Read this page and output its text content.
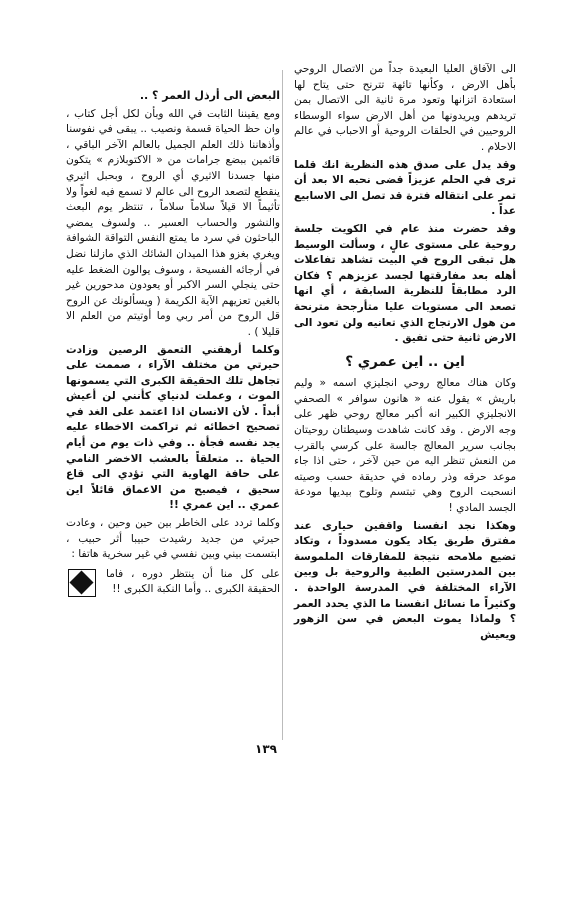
الى الآفاق العليا البعيدة جداً من الاتصال الروحي بأهل الارض ، وكأنها تائهة تترنح حتى يتاح لها استعادة اتزانها وتعود مرة ثانية الى الاتصال بمن تريدهم ويريدونها من أهل الارض سواء الوسطاء الروحيين في الحلقات الروحية أو الاحباب في عالم الاحلام .

وقد يدل على صدق هذه النظرية انك قلما ترى في الحلم عزيزاً قضى نحبه الا بعد أن تمر على انتقاله فترة قد تصل الى الاسابيع عداً .

وقد حضرت منذ عام في الكويت جلسة روحية على مستوى عالٍ ، وسألت الوسيط هل تبقى الروح في البيت تشاهد تفاعلات أهله بعد مفارقتها لجسد عزيزهم ؟ فكان الرد مطابقاً للنظرية السابقة ، أي انها تصعد الى مستويات عليا متأرجحة مترنحة من هول الارتجاج الذي تعانيه ولن تعود الى الارض ثانية حتى تفيق .

اين .. اين عمري ؟

وكان هناك معالج روحي انجليزي اسمه « وليم باريش » يقول عنه « هانون سوافر » الصحفي الانجليزي الكبير انه أكبر معالج روحي ظهر على وجه الارض . وقد كانت شاهدت وسيطتان روحيتان بجانب سرير المعالج جالسة على كرسي بالقرب من النعش تنظر اليه من حين لآخر ، حتى اذا جاء موعد حرقه وذر رماده في حديقة حسب وصيته انسحبت الروح وهي تبتسم وتلوح بيديها مودعة الجسد المادي !

وهكذا نجد انفسنا واقفين حيارى عند مفترق طريق يكاد يكون مسدوداً ، وتكاد تضيع ملامحه نتيجة للمفارقات الملموسة بين المدرستين الطبية والروحية بل وبين الآراء المختلفة في المدرسة الواحدة . وكثيراً ما نسائل انفسنا ما الذي يحدد العمر ؟ ولماذا يموت البعض في سن الزهور ويعيش

البعض الى أرذل العمر ؟ ..

ومع يقيننا الثابت في الله وبأن لكل أجل كتاب ، وان حظ الحياة قسمة ونصيب .. يبقى في نفوسنا وأذهاننا ذلك العلم الجميل بالعالم الآخر الباقي ، قائمين ببضع جرامات من « الاكتوبلازم » يتكون منها جسدنا الاثيري أي الروح ، وبحبل اثيري ينقطع لتصعد الروح الى عالم لا تسمع فيه لغواً ولا تأثيماً الا قيلاً سلاماً سلاماً ، تنتظر يوم البعث والنشور والحساب العسير .. ولسوف يمضي الباحثون في سرد ما يمتع النفس التواقة الشوافة ويغري بغزو هذا الميدان الشائك الذي مازلنا نضل في أرجائه الفسيحة ، وسوف يوالون الضغط عليه حتى ينجلي السر الاكبر أو يعودون مدحورين غير بالغين تعزيهم الآية الكريمة ( ويسألونك عن الروح قل الروح من أمر ربي وما أوتيتم من العلم الا قليلا ) .

وكلما أرهقني التعمق الرصين وزادت حيرتي من مختلف الآراء ، صممت على تجاهل تلك الحقيقة الكبرى التي يسمونها الموت ، وعملت لدنياي كأنني لن أعيش أبداً . لأن الانسان اذا اعتمد على الغد في تصحيح اخطائه ثم تراكمت الاخطاء عليه يجد نفسه فجأة .. وفي ذات يوم من أيام الحياة .. متعلقاً بالعشب الاخضر النامي على حافة الهاوية التي تؤدي الى قاع سحيق ، فيصيح من الاعماق قائلاً اين عمري .. اين عمري !!

وكلما تردد على الخاطر بين حين وحين ، وعادت حيرتي من جديد رشيدت حبيبا أثر حبيب ، ابتسمت بيني وبين نفسي في غير سخرية هاتفا :

على كل منا أن ينتظر دوره ، فاما الحقيقة الكبرى .. وأما النكبة الكبرى !!

١٣٩
